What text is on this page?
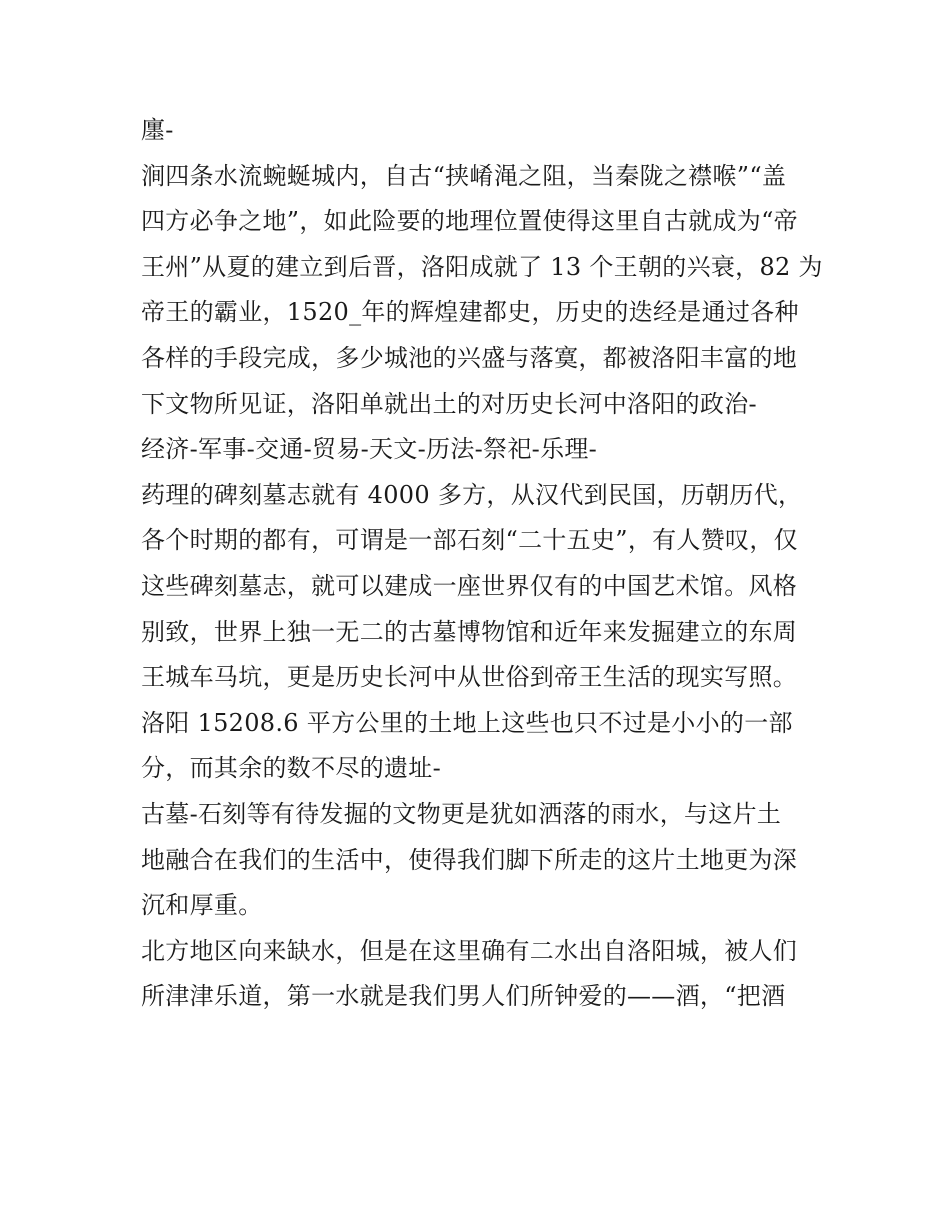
廛-
涧四条水流蜿蜒城内，自古“挟崤渑之阻，当秦陇之襟喉”“盖
四方必争之地”，如此险要的地理位置使得这里自古就成为“帝
王州”从夏的建立到后晋，洛阳成就了 13 个王朝的兴衰，82 为
帝王的霸业，1520_年的辉煌建都史，历史的迭经是通过各种
各样的手段完成，多少城池的兴盛与落寞，都被洛阳丰富的地
下文物所见证，洛阳单就出土的对历史长河中洛阳的政治-
经济-军事-交通-贸易-天文-历法-祭祀-乐理-
药理的碑刻墓志就有 4000 多方，从汉代到民国，历朝历代，
各个时期的都有，可谓是一部石刻“二十五史”，有人赞叹，仅
这些碑刻墓志，就可以建成一座世界仅有的中国艺术馆。风格
别致，世界上独一无二的古墓博物馆和近年来发掘建立的东周
王城车马坑，更是历史长河中从世俗到帝王生活的现实写照。
洛阳 15208.6 平方公里的土地上这些也只不过是小小的一部
分，而其余的数不尽的遗址-
古墓-石刻等有待发掘的文物更是犹如洒落的雨水，与这片土
地融合在我们的生活中，使得我们脚下所走的这片土地更为深
沉和厚重。
北方地区向来缺水，但是在这里确有二水出自洛阳城，被人们
所津津乐道，第一水就是我们男人们所钟爱的——酒，“把酒
